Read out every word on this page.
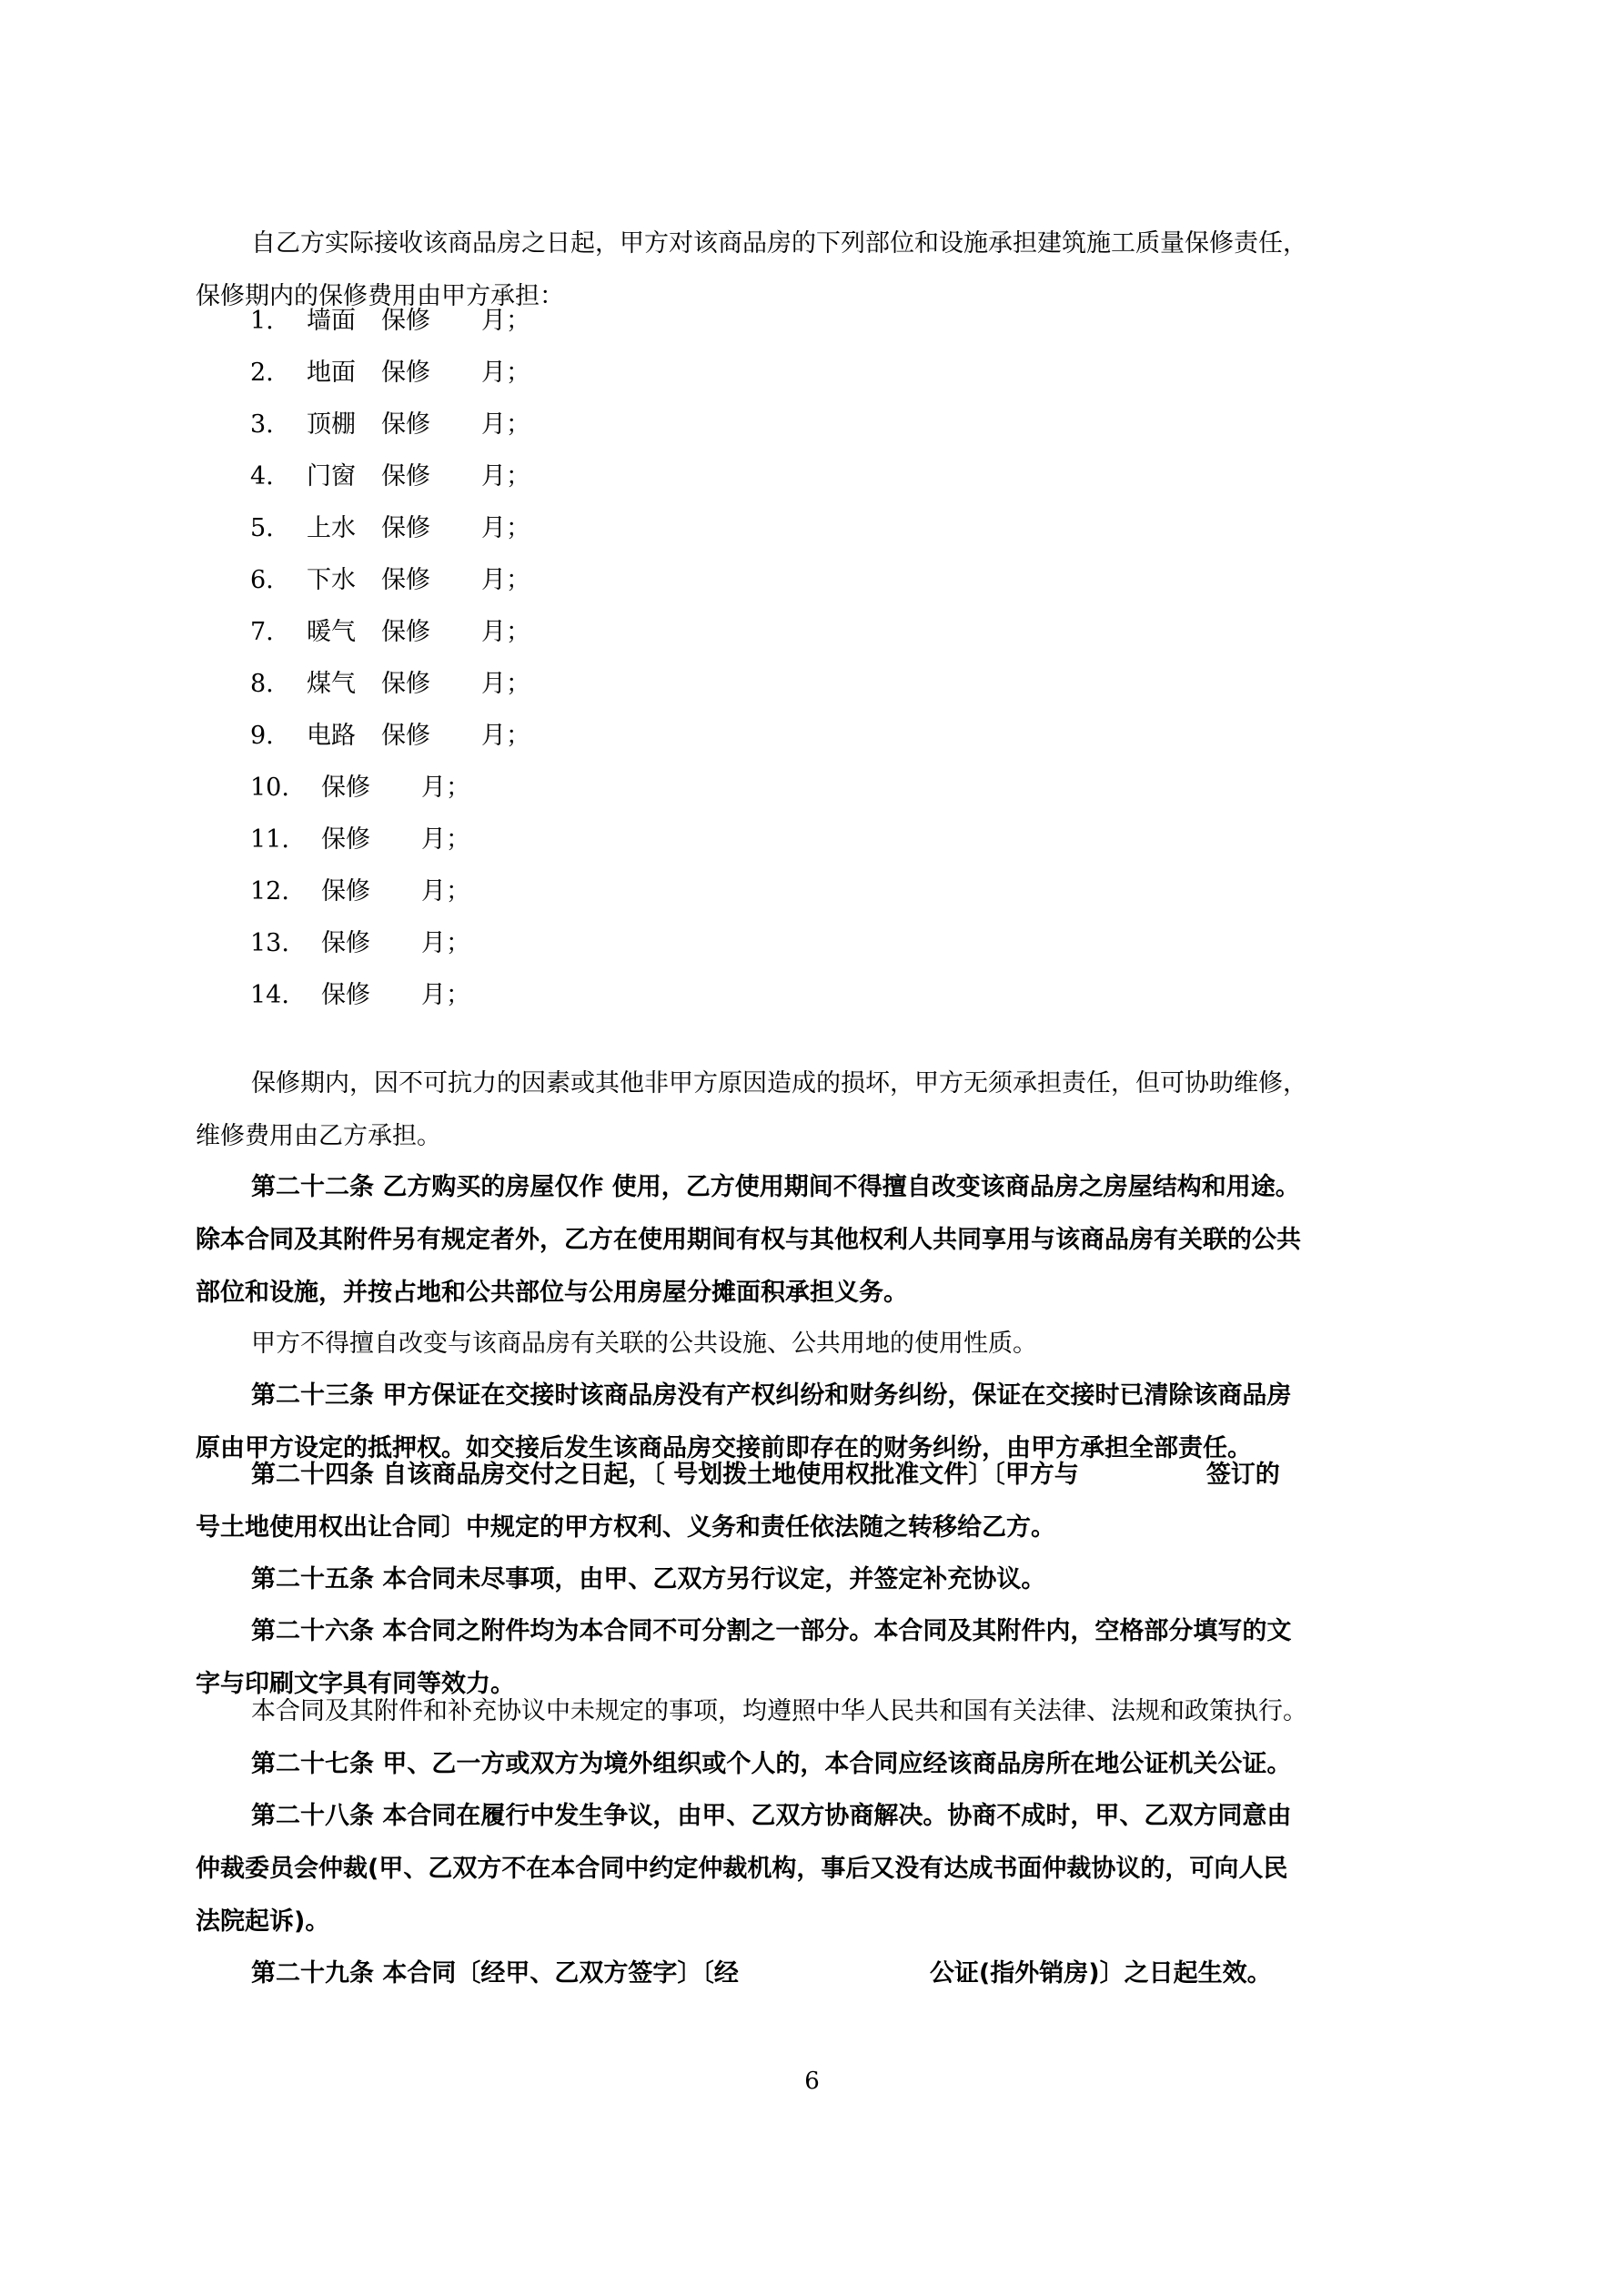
自乙方实际接收该商品房之日起，甲方对该商品房的下列部位和设施承担建筑施工质量保修责任，

保修期内的保修费用由甲方承担：

1. 墙面 保修 月；
2. 地面 保修 月；
3. 顶棚 保修 月；
4. 门窗 保修 月；
5. 上水 保修 月；
6. 下水 保修 月；
7. 暖气 保修 月；
8. 煤气 保修 月；
9. 电路 保修 月；
10. 保修 月；
11. 保修 月；
12. 保修 月；
13. 保修 月；
14. 保修 月；

保修期内，因不可抗力的因素或其他非甲方原因造成的损坏，甲方无须承担责任，但可协助维修，

维修费用由乙方承担。

第二十二条 乙方购买的房屋仅作 使用，乙方使用期间不得擅自改变该商品房之房屋结构和用途。

除本合同及其附件另有规定者外，乙方在使用期间有权与其他权利人共同享用与该商品房有关联的公共

部位和设施，并按占地和公共部位与公用房屋分摊面积承担义务。

甲方不得擅自改变与该商品房有关联的公共设施、公共用地的使用性质。

第二十三条 甲方保证在交接时该商品房没有产权纠纷和财务纠纷，保证在交接时已清除该商品房

原由甲方设定的抵押权。如交接后发生该商品房交接前即存在的财务纠纷，由甲方承担全部责任。

第二十四条 自该商品房交付之日起，〔 号划拨土地使用权批准文件〕〔甲方与	签订的

号土地使用权出让合同〕中规定的甲方权利、义务和责任依法随之转移给乙方。

第二十五条 本合同未尽事项，由甲、乙双方另行议定，并签定补充协议。

第二十六条 本合同之附件均为本合同不可分割之一部分。本合同及其附件内，空格部分填写的文

字与印刷文字具有同等效力。

本合同及其附件和补充协议中未规定的事项，均遵照中华人民共和国有关法律、法规和政策执行。

第二十七条 甲、乙一方或双方为境外组织或个人的，本合同应经该商品房所在地公证机关公证。

第二十八条 本合同在履行中发生争议，由甲、乙双方协商解决。协商不成时，甲、乙双方同意由

仲裁委员会仲裁(甲、乙双方不在本合同中约定仲裁机构，事后又没有达成书面仲裁协议的，可向人民

法院起诉)。

第二十九条 本合同〔经甲、乙双方签字〕〔经	公证(指外销房)〕之日起生效。

6
